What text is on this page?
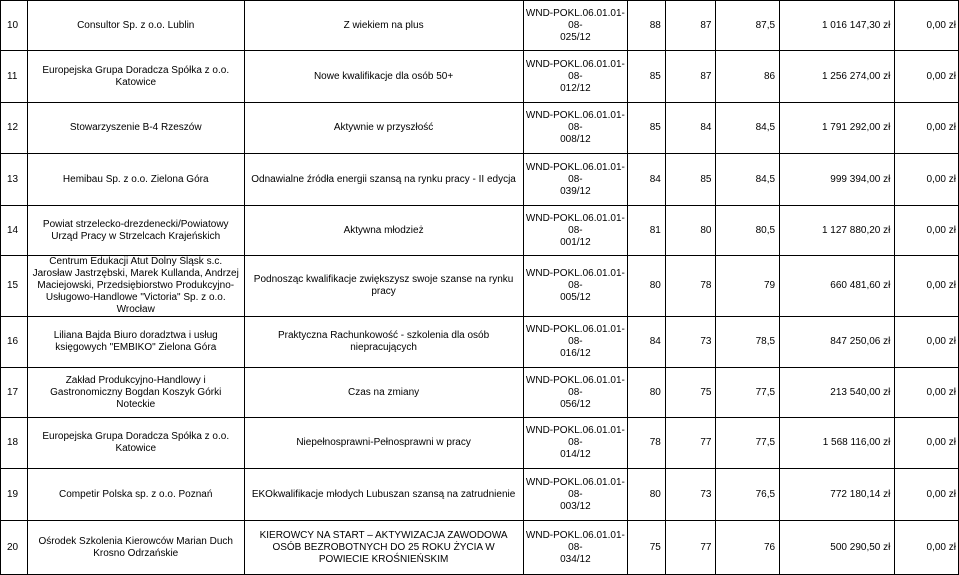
10	Consultor Sp. z o.o. Lublin	Z wiekiem na plus	WND-POKL.06.01.01-08-
025/12	88	87	87,5	1 016 147,30 zł	0,00 zł
11	Europejska Grupa Doradcza Spółka z o.o. Katowice	Nowe kwalifikacje dla osób 50+	WND-POKL.06.01.01-08-
012/12	85	87	86	1 256 274,00 zł	0,00 zł
12	Stowarzyszenie B-4 Rzeszów	Aktywnie w przyszłość	WND-POKL.06.01.01-08-
008/12	85	84	84,5	1 791 292,00 zł	0,00 zł
13	Hemibau Sp. z o.o. Zielona Góra	Odnawialne źródła energii szansą na rynku pracy - II edycja	WND-POKL.06.01.01-08-
039/12	84	85	84,5	999 394,00 zł	0,00 zł
14	Powiat strzelecko-drezdenecki/Powiatowy Urząd Pracy w Strzelcach Krajeńskich	Aktywna młodzież	WND-POKL.06.01.01-08-
001/12	81	80	80,5	1 127 880,20 zł	0,00 zł
15	Centrum Edukacji Atut Dolny Śląsk s.c. Jarosław Jastrzębski, Marek Kullanda, Andrzej Maciejowski, Przedsiębiorstwo Produkcyjno-Usługowo-Handlowe "Victoria" Sp. z o.o. Wrocław	Podnosząc kwalifikacje zwiększysz swoje szanse na rynku pracy	WND-POKL.06.01.01-08-
005/12	80	78	79	660 481,60 zł	0,00 zł
16	Liliana Bajda Biuro doradztwa i usług księgowych "EMBIKO" Zielona Góra	Praktyczna Rachunkowość - szkolenia dla osób niepracujących	WND-POKL.06.01.01-08-
016/12	84	73	78,5	847 250,06 zł	0,00 zł
17	Zakład Produkcyjno-Handlowy i Gastronomiczny Bogdan Koszyk Górki Noteckie	Czas na zmiany	WND-POKL.06.01.01-08-
056/12	80	75	77,5	213 540,00 zł	0,00 zł
18	Europejska Grupa Doradcza Spółka z o.o. Katowice	Niepełnosprawni-Pełnosprawni w pracy	WND-POKL.06.01.01-08-
014/12	78	77	77,5	1 568 116,00 zł	0,00 zł
19	Competir Polska sp. z o.o. Poznań	EKOkwalifikacje młodych Lubuszan szansą na zatrudnienie	WND-POKL.06.01.01-08-
003/12	80	73	76,5	772 180,14 zł	0,00 zł
20	Ośrodek Szkolenia Kierowców Marian Duch Krosno Odrzańskie	KIEROWCY NA START – AKTYWIZACJA ZAWODOWA OSÓB BEZROBOTNYCH DO 25 ROKU ŻYCIA W POWIECIE KROŚNIEŃSKIM	WND-POKL.06.01.01-08-
034/12	75	77	76	500 290,50 zł	0,00 zł
